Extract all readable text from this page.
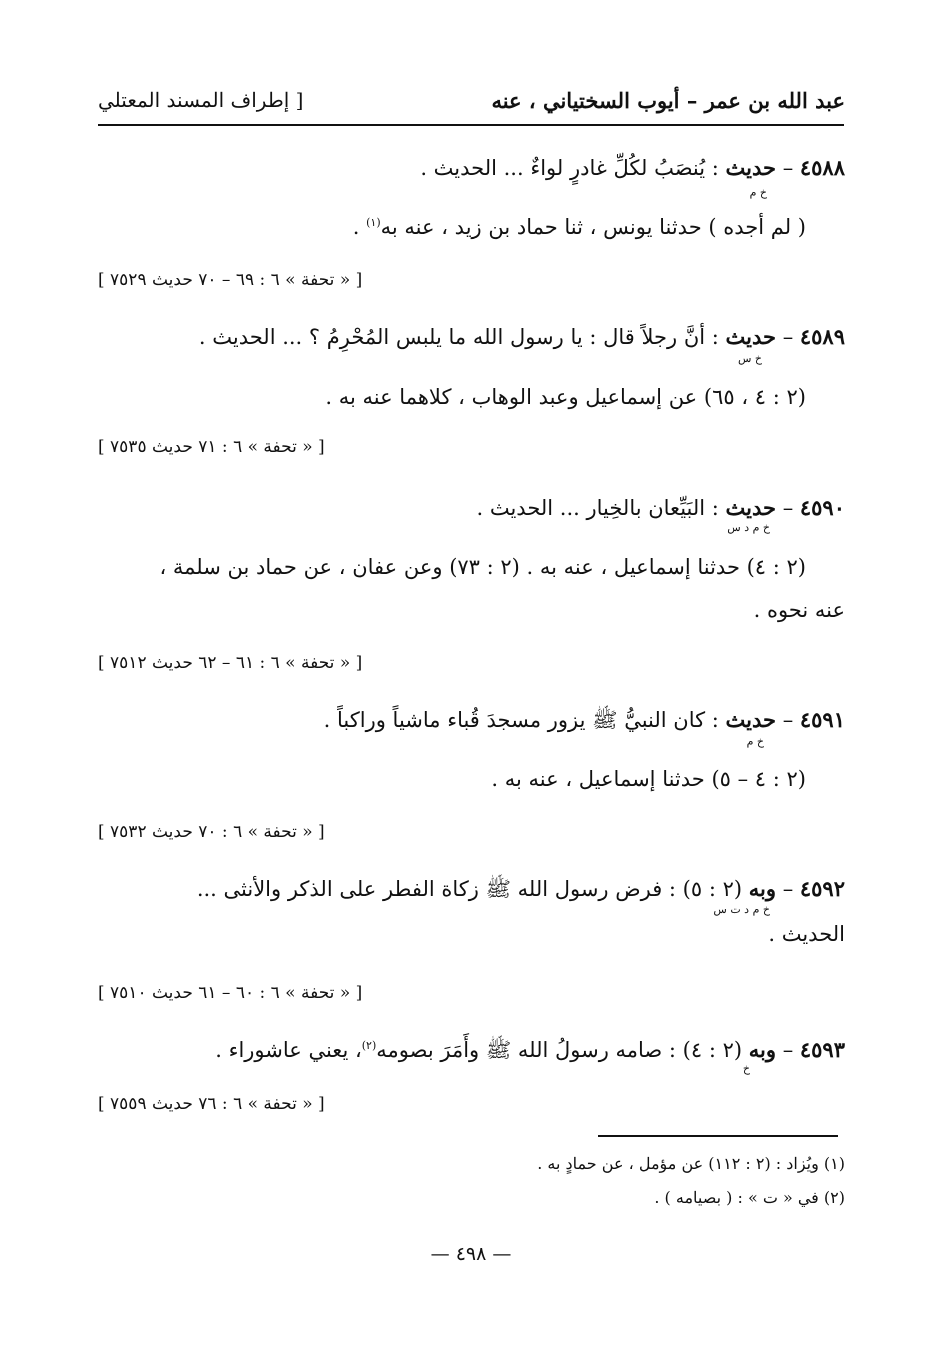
عبد الله بن عمر – أيوب السختياني ، عنه
[ إطراف المسند المعتلي
٤٥٨٨ – حديث : يُنصَبُ لكُلِّ غادرٍ لواءٌ ... الحديث .
خ م
( لم أجده ) حدثنا يونس ، ثنا حماد بن زيد ، عنه به$^{(١)}$ .
[ « تحفة » ٦ : ٦٩ – ٧٠ حديث ٧٥٢٩ ]
٤٥٨٩ – حديث : أنَّ رجلاً قال : يا رسول الله ما يلبس المُحْرِمُ ؟ ... الحديث .
خ س
(٢ : ٤ ، ٦٥) عن إسماعيل وعبد الوهاب ، كلاهما عنه به .
[ « تحفة » ٦ : ٧١ حديث ٧٥٣٥ ]
٤٥٩٠ – حديث : البَيِّعان بالخِيار ... الحديث .
خ م د س
(٢ : ٤) حدثنا إسماعيل ، عنه به . (٢ : ٧٣) وعن عفان ، عن حماد بن سلمة ،
عنه نحوه .
[ « تحفة » ٦ : ٦١ – ٦٢ حديث ٧٥١٢ ]
٤٥٩١ – حديث : كان النبيُّ ﷺ يزور مسجدَ قُباء ماشياً وراكباً .
خ م
(٢ : ٤ – ٥) حدثنا إسماعيل ، عنه به .
[ « تحفة » ٦ : ٧٠ حديث ٧٥٣٢ ]
٤٥٩٢ – وبه (٢ : ٥) : فرض رسول الله ﷺ زكاة الفطر على الذكر والأنثى ...
خ م د ت س
الحديث .
[ « تحفة » ٦ : ٦٠ – ٦١ حديث ٧٥١٠ ]
٤٥٩٣ – وبه (٢ : ٤) : صامه رسولُ الله ﷺ وأَمَرَ بصومه$^{(٢)}$، يعني عاشوراء .
خ
[ « تحفة » ٦ : ٧٦ حديث ٧٥٥٩ ]
(١) ويُزاد : (٢ : ١١٢) عن مؤمل ، عن حمادٍ به .
(٢) في « ت » : ( بصيامه ) .
— ٤٩٨ —
